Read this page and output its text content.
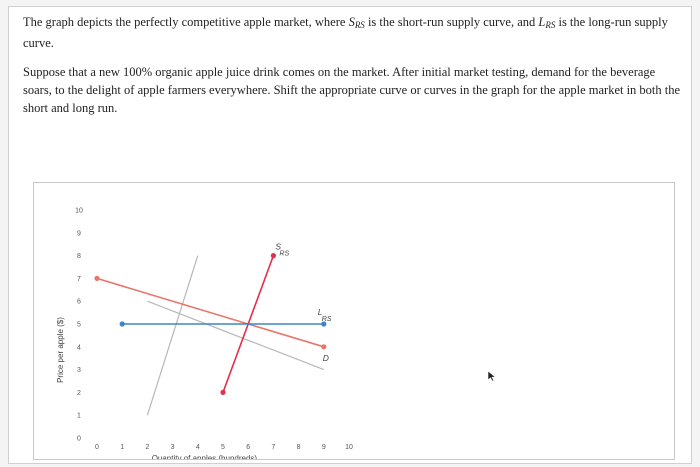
The graph depicts the perfectly competitive apple market, where $S_{RS}$ is the short-run supply curve, and $L_{RS}$ is the long-run supply curve.

Suppose that a new 100% organic apple juice drink comes on the market. After initial market testing, demand for the beverage soars, to the delight of apple farmers everywhere. Shift the appropriate curve or curves in the graph for the apple market in both the short and long run.

0	1	2	3	4	5	6	7	8	9	10
0
1
2
3
4
5
6
7
8
9
10
Quantity of apples (hundreds)
Price per apple ($)	D
S
RS
L
RS
